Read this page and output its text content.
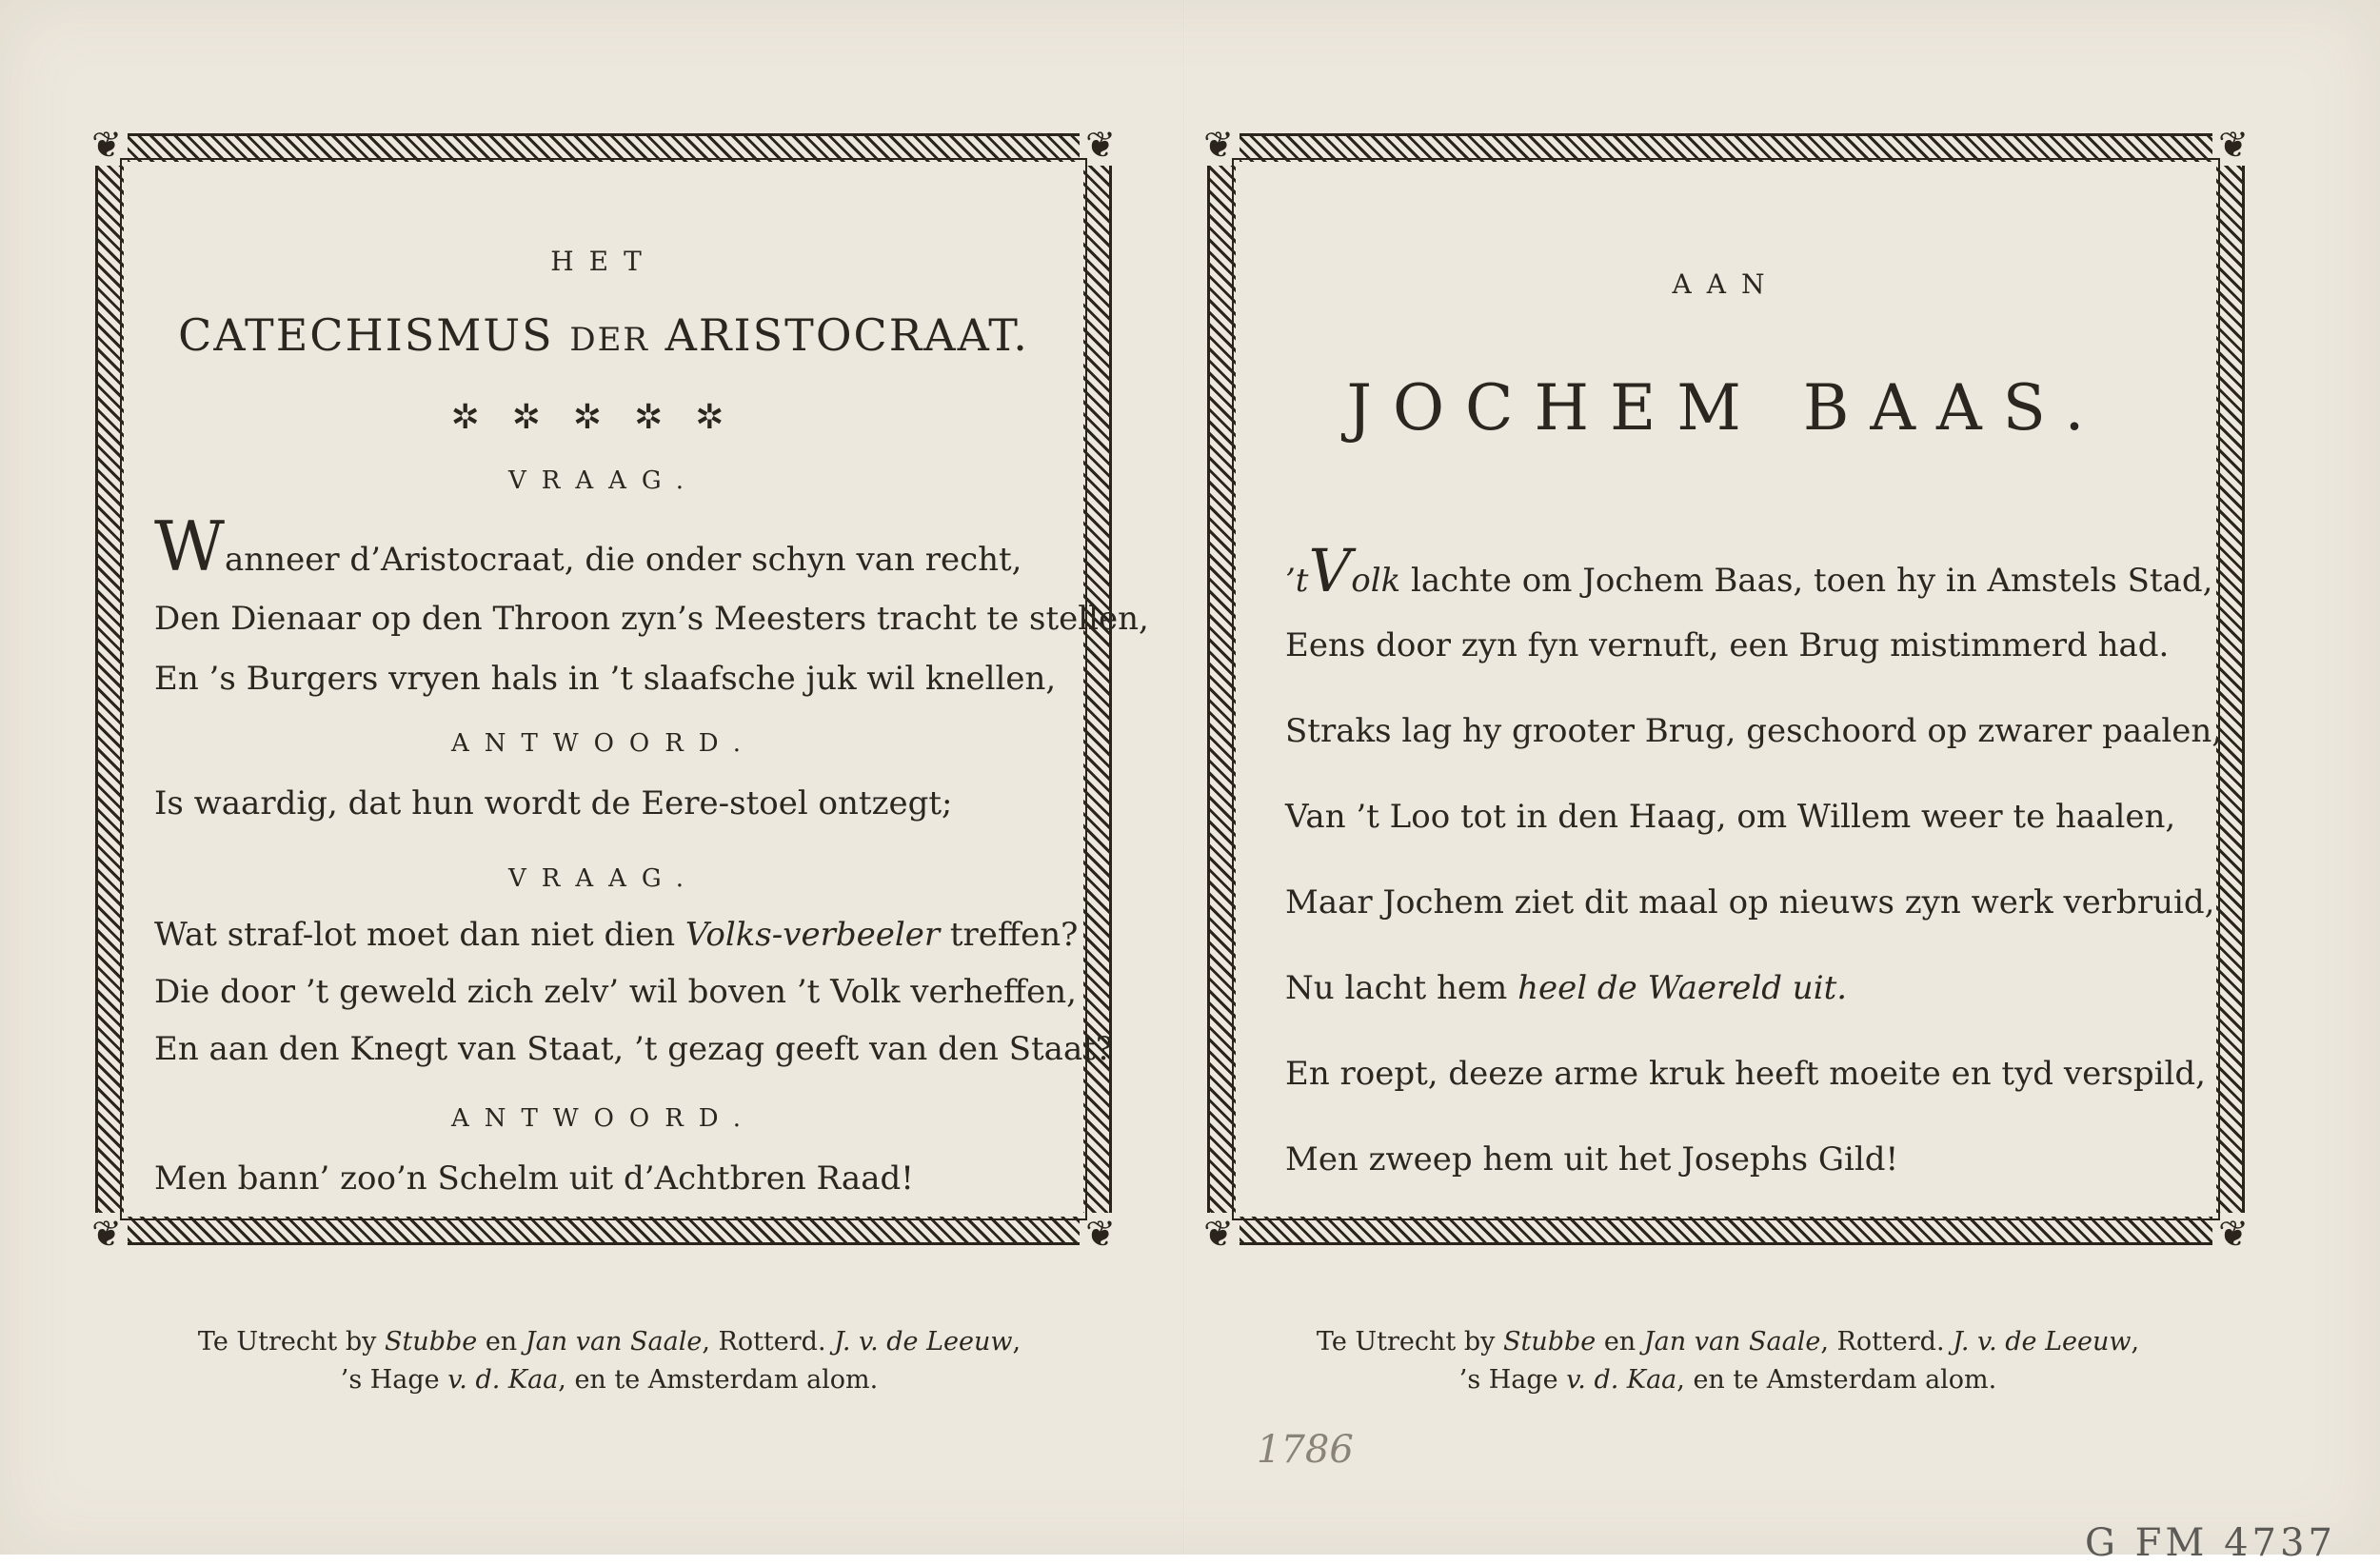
❦	❦
❦	❦
HET
CATECHISMUS DER ARISTOCRAAT.
✲✲✲✲✲
VRAAG.
Wanneer d’Aristocraat, die onder schyn van recht,
Den Dienaar op den Throon zyn’s Meesters tracht te stellen,
En ’s Burgers vryen hals in ’t slaafsche juk wil knellen,
ANTWOORD.
Is waardig, dat hun wordt de Eere-stoel ontzegt;
VRAAG.
Wat straf-lot moet dan niet dien Volks-verbeeler treffen?
Die door ’t geweld zich zelv’ wil boven ’t Volk verheffen,
En aan den Knegt van Staat, ’t gezag geeft van den Staat?
ANTWOORD.
Men bann’ zoo’n Schelm uit d’Achtbren Raad!
❦	❦
❦	❦
AAN
JOCHEM BAAS.
’tVolk lachte om Jochem Baas, toen hy in Amstels Stad,
Eens door zyn fyn vernuft, een Brug mistimmerd had.
Straks lag hy grooter Brug, geschoord op zwarer paalen,
Van ’t Loo tot in den Haag, om Willem weer te haalen,
Maar Jochem ziet dit maal op nieuws zyn werk verbruid,
Nu lacht hem heel de Waereld uit.
En roept, deeze arme kruk heeft moeite en tyd verspild,
Men zweep hem uit het Josephs Gild!
Te Utrecht by Stubbe en Jan van Saale, Rotterd. J. v. de Leeuw,
’s Hage v. d. Kaa, en te Amsterdam alom.
Te Utrecht by Stubbe en Jan van Saale, Rotterd. J. v. de Leeuw,
’s Hage v. d. Kaa, en te Amsterdam alom.
1786
G FM 4737
